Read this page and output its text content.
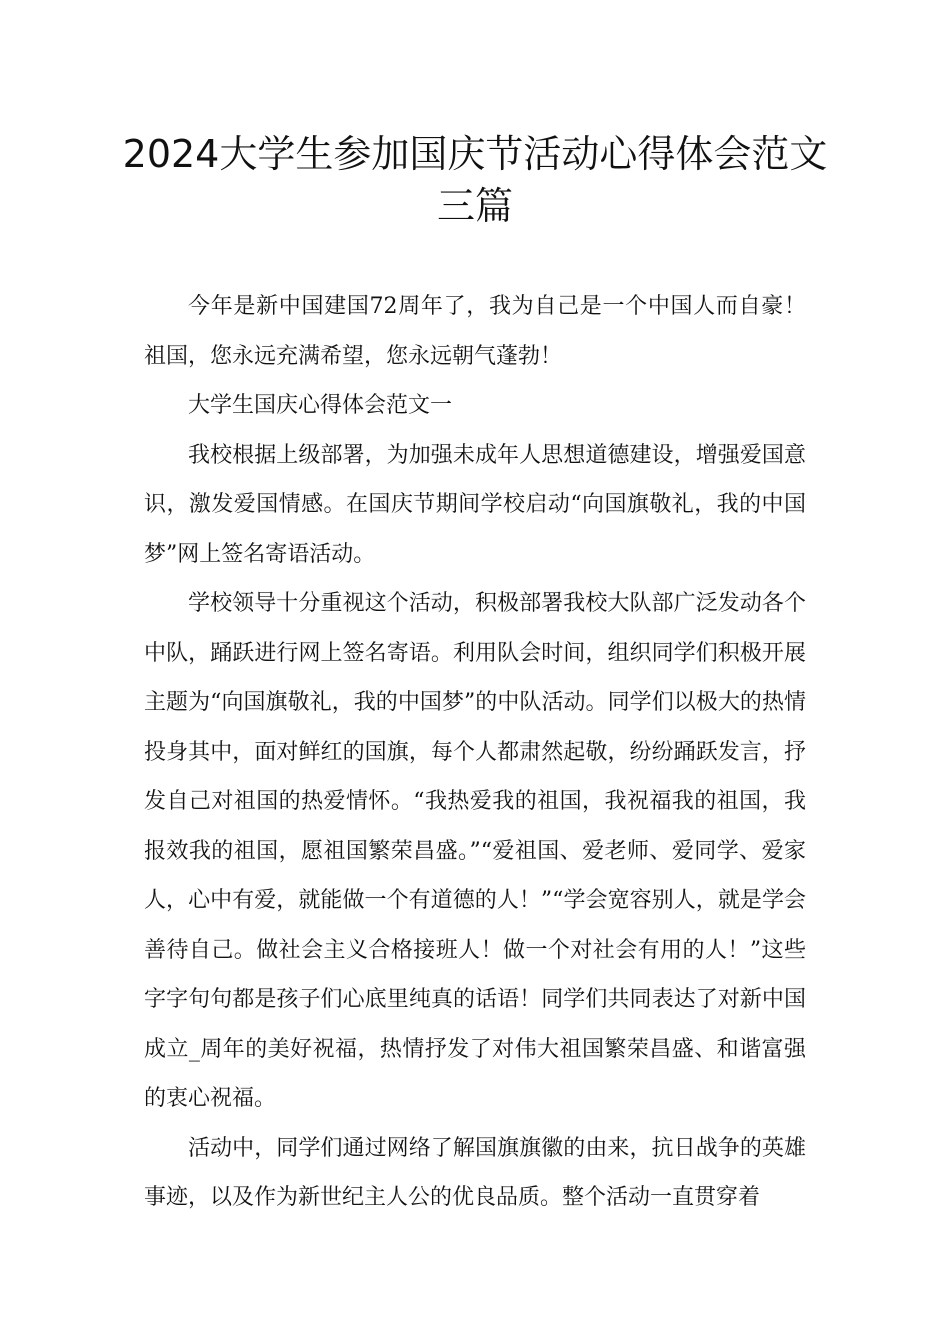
2024大学生参加国庆节活动心得体会范文三篇

今年是新中国建国72周年了，我为自己是一个中国人而自豪！祖国，您永远充满希望，您永远朝气蓬勃！

大学生国庆心得体会范文一

我校根据上级部署，为加强未成年人思想道德建设，增强爱国意识，激发爱国情感。在国庆节期间学校启动“向国旗敬礼，我的中国梦”网上签名寄语活动。

学校领导十分重视这个活动，积极部署我校大队部广泛发动各个中队，踊跃进行网上签名寄语。利用队会时间，组织同学们积极开展主题为“向国旗敬礼，我的中国梦”的中队活动。同学们以极大的热情投身其中，面对鲜红的国旗，每个人都肃然起敬，纷纷踊跃发言，抒发自己对祖国的热爱情怀。“我热爱我的祖国，我祝福我的祖国，我报效我的祖国，愿祖国繁荣昌盛。”“爱祖国、爱老师、爱同学、爱家人，心中有爱，就能做一个有道德的人！”“学会宽容别人，就是学会善待自己。做社会主义合格接班人！做一个对社会有用的人！”这些字字句句都是孩子们心底里纯真的话语！同学们共同表达了对新中国成立_周年的美好祝福，热情抒发了对伟大祖国繁荣昌盛、和谐富强的衷心祝福。

活动中，同学们通过网络了解国旗旗徽的由来，抗日战争的英雄事迹，以及作为新世纪主人公的优良品质。整个活动一直贯穿着
